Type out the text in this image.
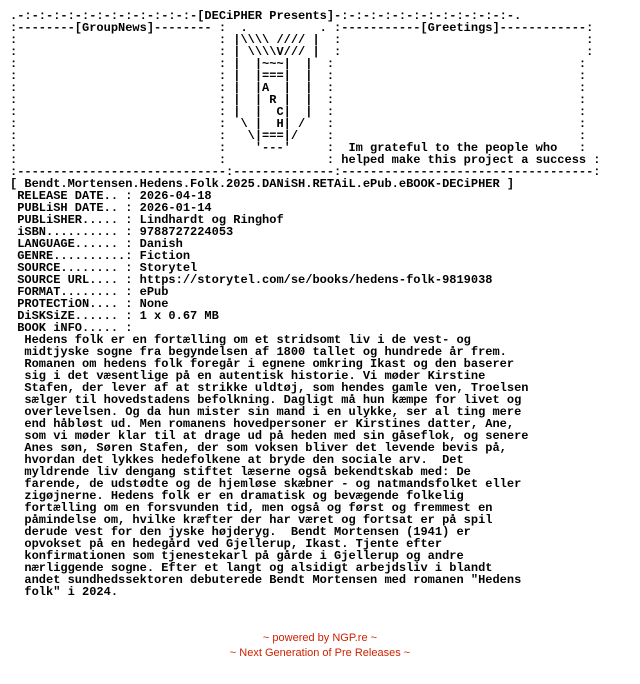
.-:-:-:-:-:-:-:-:-:-:-:-:-[DECiPHER Presents]-:-:-:-:-:-:-:-:-:-:-:-:-.
:--------[GroupNews]-------- :  .          . :-----------[Greetings]------------:
:                            : |\\\\ //// |  :                                  :
:                            : | \\\\V/// |  :                                  :
:                            : |  |~~~|  |  :                                  :
:                            : |  |===|  |  :                                  :
:                            : |  |A  |  |  :                                  :
:                            : |  | R |  |  :                                  :
:                            : |  |  C|  |  :                                  :
:                            :  \ |  H| /   :                                  :
:                            :   \|===|/    :                                  :
:                            :    '---'     :  Im grateful to the people who   :
:                            :              : helped make this project a success :
:-----------------------------:--------------:-----------------------------------:
[ Bendt.Mortensen.Hedens.Folk.2025.DANiSH.RETAiL.ePub.eBOOK-DECiPHER ]
RELEASE DATE.. : 2026-04-18
PUBLiSH DATE.. : 2026-01-14
PUBLiSHER..... : Lindhardt og Ringhof
iSBN.......... : 9788727224053
LANGUAGE...... : Danish
GENRE..........: Fiction
SOURCE........ : Storytel
SOURCE URL.... : https://storytel.com/se/books/hedens-folk-9819038
FORMAT........ : ePub
PROTECTiON.... : None
DiSKSiZE...... : 1 x 0.67 MB
BOOK iNFO..... :
Hedens folk er en fortælling om et stridsomt liv i de vest- og
midtjyske sogne fra begyndelsen af 1800 tallet og hundrede år frem.
Romanen om hedens folk foregår i egnene omkring Ikast og den baserer
sig i det væsentlige på en autentisk historie. Vi møder Kirstine
Stafen, der lever af at strikke uldtøj, som hendes gamle ven, Troelsen
sælger til hovedstadens befolkning. Dagligt må hun kæmpe for livet og
overlevelsen. Og da hun mister sin mand i en ulykke, ser al ting mere
end håbløst ud. Men romanens hovedpersoner er Kirstines datter, Ane,
som vi møder klar til at drage ud på heden med sin gåseflok, og senere
Anes søn, Søren Stafen, der som voksen bliver det levende bevis på,
hvordan det lykkes hedefolkene at bryde den sociale arv.  Det
myldrende liv dengang stiftet læserne også bekendtskab med: De
farende, de udstødte og de hjemløse skæbner - og natmandsfolket eller
zigøjnerne. Hedens folk er en dramatisk og bevægende folkelig
fortælling om en forsvunden tid, men også og først og fremmest en
påmindelse om, hvilke kræfter der har været og fortsat er på spil
derude vest for den jyske højderyg.  Bendt Mortensen (1941) er
opvokset på en hedegård ved Gjellerup, Ikast. Tjente efter
konfirmationen som tjenestekarl på gårde i Gjellerup og andre
nærliggende sogne. Efter et langt og alsidigt arbejdsliv i blandt
andet sundhedssektoren debuterede Bendt Mortensen med romanen "Hedens
folk" i 2024.
~ powered by NGP.re ~
~ Next Generation of Pre Releases ~
